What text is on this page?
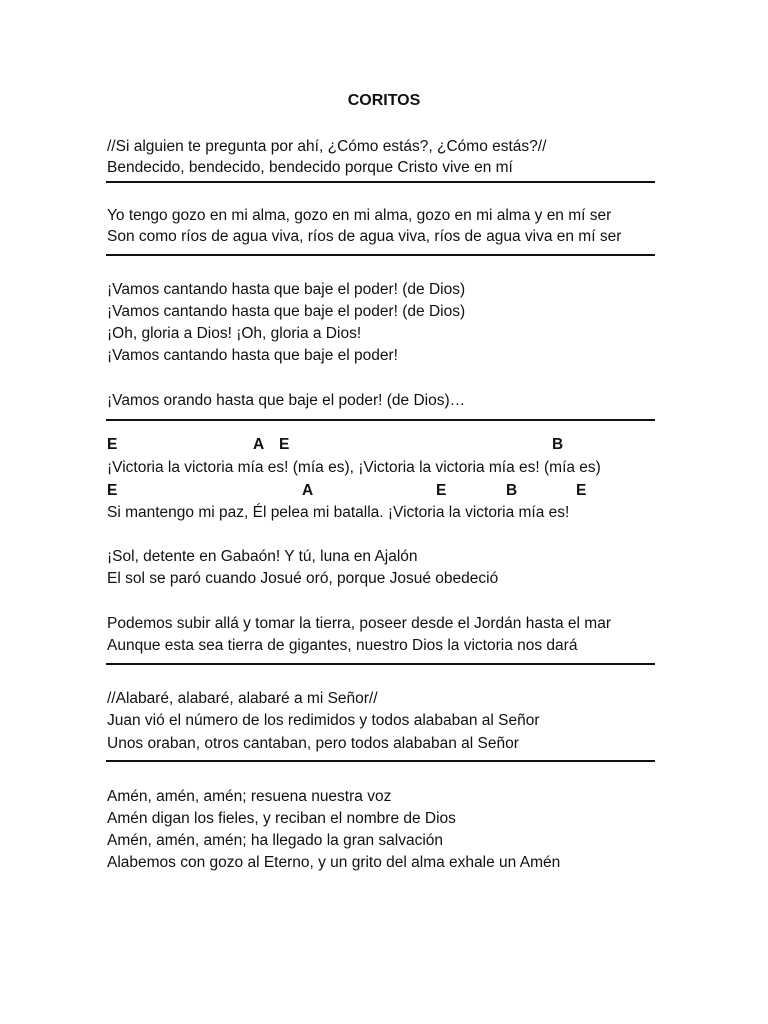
CORITOS
//Si alguien te pregunta por ahí, ¿Cómo estás?, ¿Cómo estás?//
Bendecido, bendecido, bendecido porque Cristo vive en mí
Yo tengo gozo en mi alma, gozo en mi alma, gozo en mi alma y en mí ser
Son como ríos de agua viva, ríos de agua viva, ríos de agua viva en mí ser
¡Vamos cantando hasta que baje el poder! (de Dios)
¡Vamos cantando hasta que baje el poder! (de Dios)
¡Oh, gloria a Dios! ¡Oh, gloria a Dios!
¡Vamos cantando hasta que baje el poder!
¡Vamos orando hasta que baje el poder! (de Dios)…
E	A E	B
¡Victoria la victoria mía es! (mía es), ¡Victoria la victoria mía es! (mía es)
E	A	E	B	E
Si mantengo mi paz, Él pelea mi batalla. ¡Victoria la victoria mía es!
¡Sol, detente en Gabaón! Y tú, luna en Ajalón
El sol se paró cuando Josué oró, porque Josué obedeció
Podemos subir allá y tomar la tierra, poseer desde el Jordán hasta el mar
Aunque esta sea tierra de gigantes, nuestro Dios la victoria nos dará
//Alabaré, alabaré, alabaré a mi Señor//
Juan vió el número de los redimidos y todos alababan al Señor
Unos oraban, otros cantaban, pero todos alababan al Señor
Amén, amén, amén; resuena nuestra voz
Amén digan los fieles, y reciban el nombre de Dios
Amén, amén, amén; ha llegado la gran salvación
Alabemos con gozo al Eterno, y un grito del alma exhale un Amén
